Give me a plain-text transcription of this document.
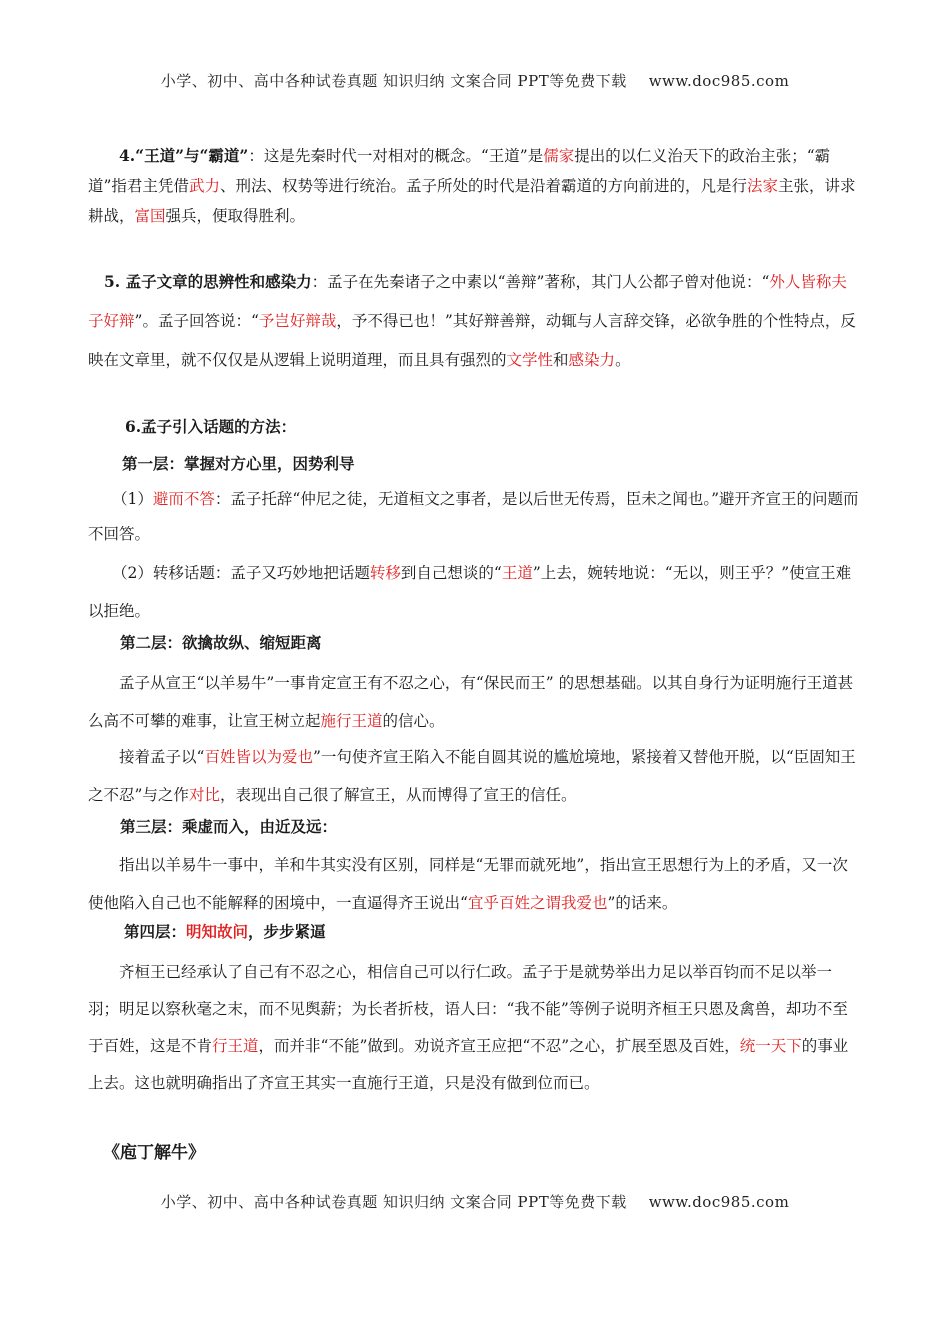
小学、初中、高中各种试卷真题 知识归纳 文案合同 PPT等免费下载 www.doc985.com

4.“王道”与“霸道”：这是先秦时代一对相对的概念。“王道”是儒家提出的以仁义治天下的政治主张；“霸道”指君主凭借武力、刑法、权势等进行统治。孟子所处的时代是沿着霸道的方向前进的，凡是行法家主张，讲求耕战，富国强兵，便取得胜利。

5. 孟子文章的思辨性和感染力：孟子在先秦诸子之中素以“善辩”著称，其门人公都子曾对他说：“外人皆称夫子好辩”。孟子回答说：“予岂好辩哉，予不得已也！”其好辩善辩，动辄与人言辞交锋，必欲争胜的个性特点，反映在文章里，就不仅仅是从逻辑上说明道理，而且具有强烈的文学性和感染力。

6.孟子引入话题的方法：

第一层：掌握对方心里，因势利导

（1）避而不答：孟子托辞“仲尼之徒，无道桓文之事者，是以后世无传焉，臣未之闻也。”避开齐宣王的问题而不回答。

（2）转移话题：孟子又巧妙地把话题转移到自己想谈的“王道”上去，婉转地说：“无以，则王乎？”使宣王难以拒绝。

第二层：欲擒故纵、缩短距离

孟子从宣王“以羊易牛”一事肯定宣王有不忍之心，有“保民而王” 的思想基础。以其自身行为证明施行王道甚么高不可攀的难事，让宣王树立起施行王道的信心。

接着孟子以“百姓皆以为爱也”一句使齐宣王陷入不能自圆其说的尴尬境地，紧接着又替他开脱，以“臣固知王之不忍”与之作对比，表现出自己很了解宣王，从而博得了宣王的信任。

第三层：乘虚而入，由近及远：

指出以羊易牛一事中，羊和牛其实没有区别，同样是“无罪而就死地”，指出宣王思想行为上的矛盾，又一次使他陷入自己也不能解释的困境中，一直逼得齐王说出“宜乎百姓之谓我爱也”的话来。

第四层：明知故问，步步紧逼

齐桓王已经承认了自己有不忍之心，相信自己可以行仁政。孟子于是就势举出力足以举百钧而不足以举一羽；明足以察秋毫之末，而不见舆薪；为长者折枝，语人曰：“我不能”等例子说明齐桓王只恩及禽兽，却功不至于百姓，这是不肯行王道，而并非“不能”做到。劝说齐宣王应把“不忍”之心，扩展至恩及百姓，统一天下的事业上去。这也就明确指出了齐宣王其实一直施行王道，只是没有做到位而已。

《庖丁解牛》
小学、初中、高中各种试卷真题 知识归纳 文案合同 PPT等免费下载 www.doc985.com
